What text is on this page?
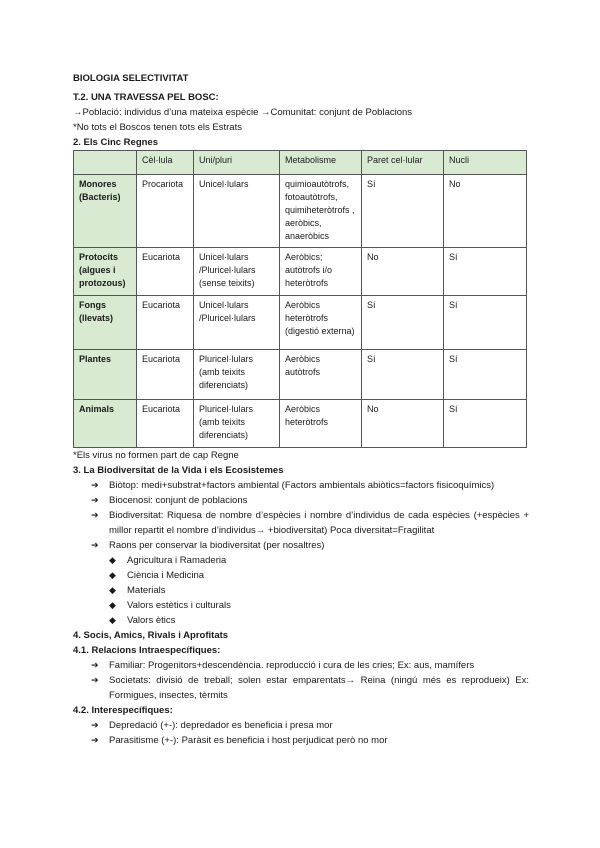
BIOLOGIA SELECTIVITAT

T.2. UNA TRAVESSA PEL BOSC:

→Població: individus d’una mateixa espècie →Comunitat: conjunt de Poblacions

*No tots el Boscos tenen tots els Estrats

2. Els Cinc Regnes

	Cèl·lula	Uni/pluri	Metabolisme	Paret cel·lular	Nucli
Monores (Bacteris)	Procariota	Unicel·lulars	quimioautòtrofs, fotoautòtrofs, quimiheteròtrofs , aeròbics, anaeròbics	Sí	No
Protocits (algues i protozous)	Eucariota	Unicel·lulars /Pluricel·lulars (sense teixits)	Aeròbics; autòtrofs i/o heteròtrofs	No	Sí
Fongs (llevats)	Eucariota	Unicel·lulars /Pluricel·lulars	Aeròbics heteròtrofs (digestió externa)	Sí	Sí
Plantes	Eucariota	Pluricel·lulars (amb teixits diferenciats)	Aeròbics autòtrofs	Sí	Sí
Animals	Eucariota	Pluricel·lulars (amb teixits diferenciats)	Aeròbics heteròtrofs	No	Sí

*Els virus no formen part de cap Regne

3. La Biodiversitat de la Vida i els Ecosistemes

➔ Biòtop: medi+substrat+factors ambiental (Factors ambientals abiòtics=factors fisicoquímics)
➔ Biocenosi: conjunt de poblacions
➔ Biodiversitat: Riquesa de nombre d’espècies i nombre d’individus de cada espècies (+espècies + millor repartit el nombre d’individus→ +biodiversitat) Poca diversitat=Fragilitat
➔ Raons per conservar la biodiversitat (per nosaltres)
◆ Agricultura i Ramaderia
◆ Ciència i Medicina
◆ Materials
◆ Valors estètics i culturals
◆ Valors ètics

4. Socis, Amics, Rivals i Aprofitats

4.1. Relacions Intraespecífiques:

➔ Familiar: Progenitors+descendència. reproducció i cura de les cries; Ex: aus, mamífers
➔ Societats: divisió de treball; solen estar emparentats→ Reina (ningú més es reprodueix) Ex: Formigues, insectes, tèrmits

4.2. Interespecífiques:

➔ Depredació (+-): depredador es beneficia i presa mor
➔ Parasitisme (+-): Paràsit es beneficia i host perjudicat però no mor
